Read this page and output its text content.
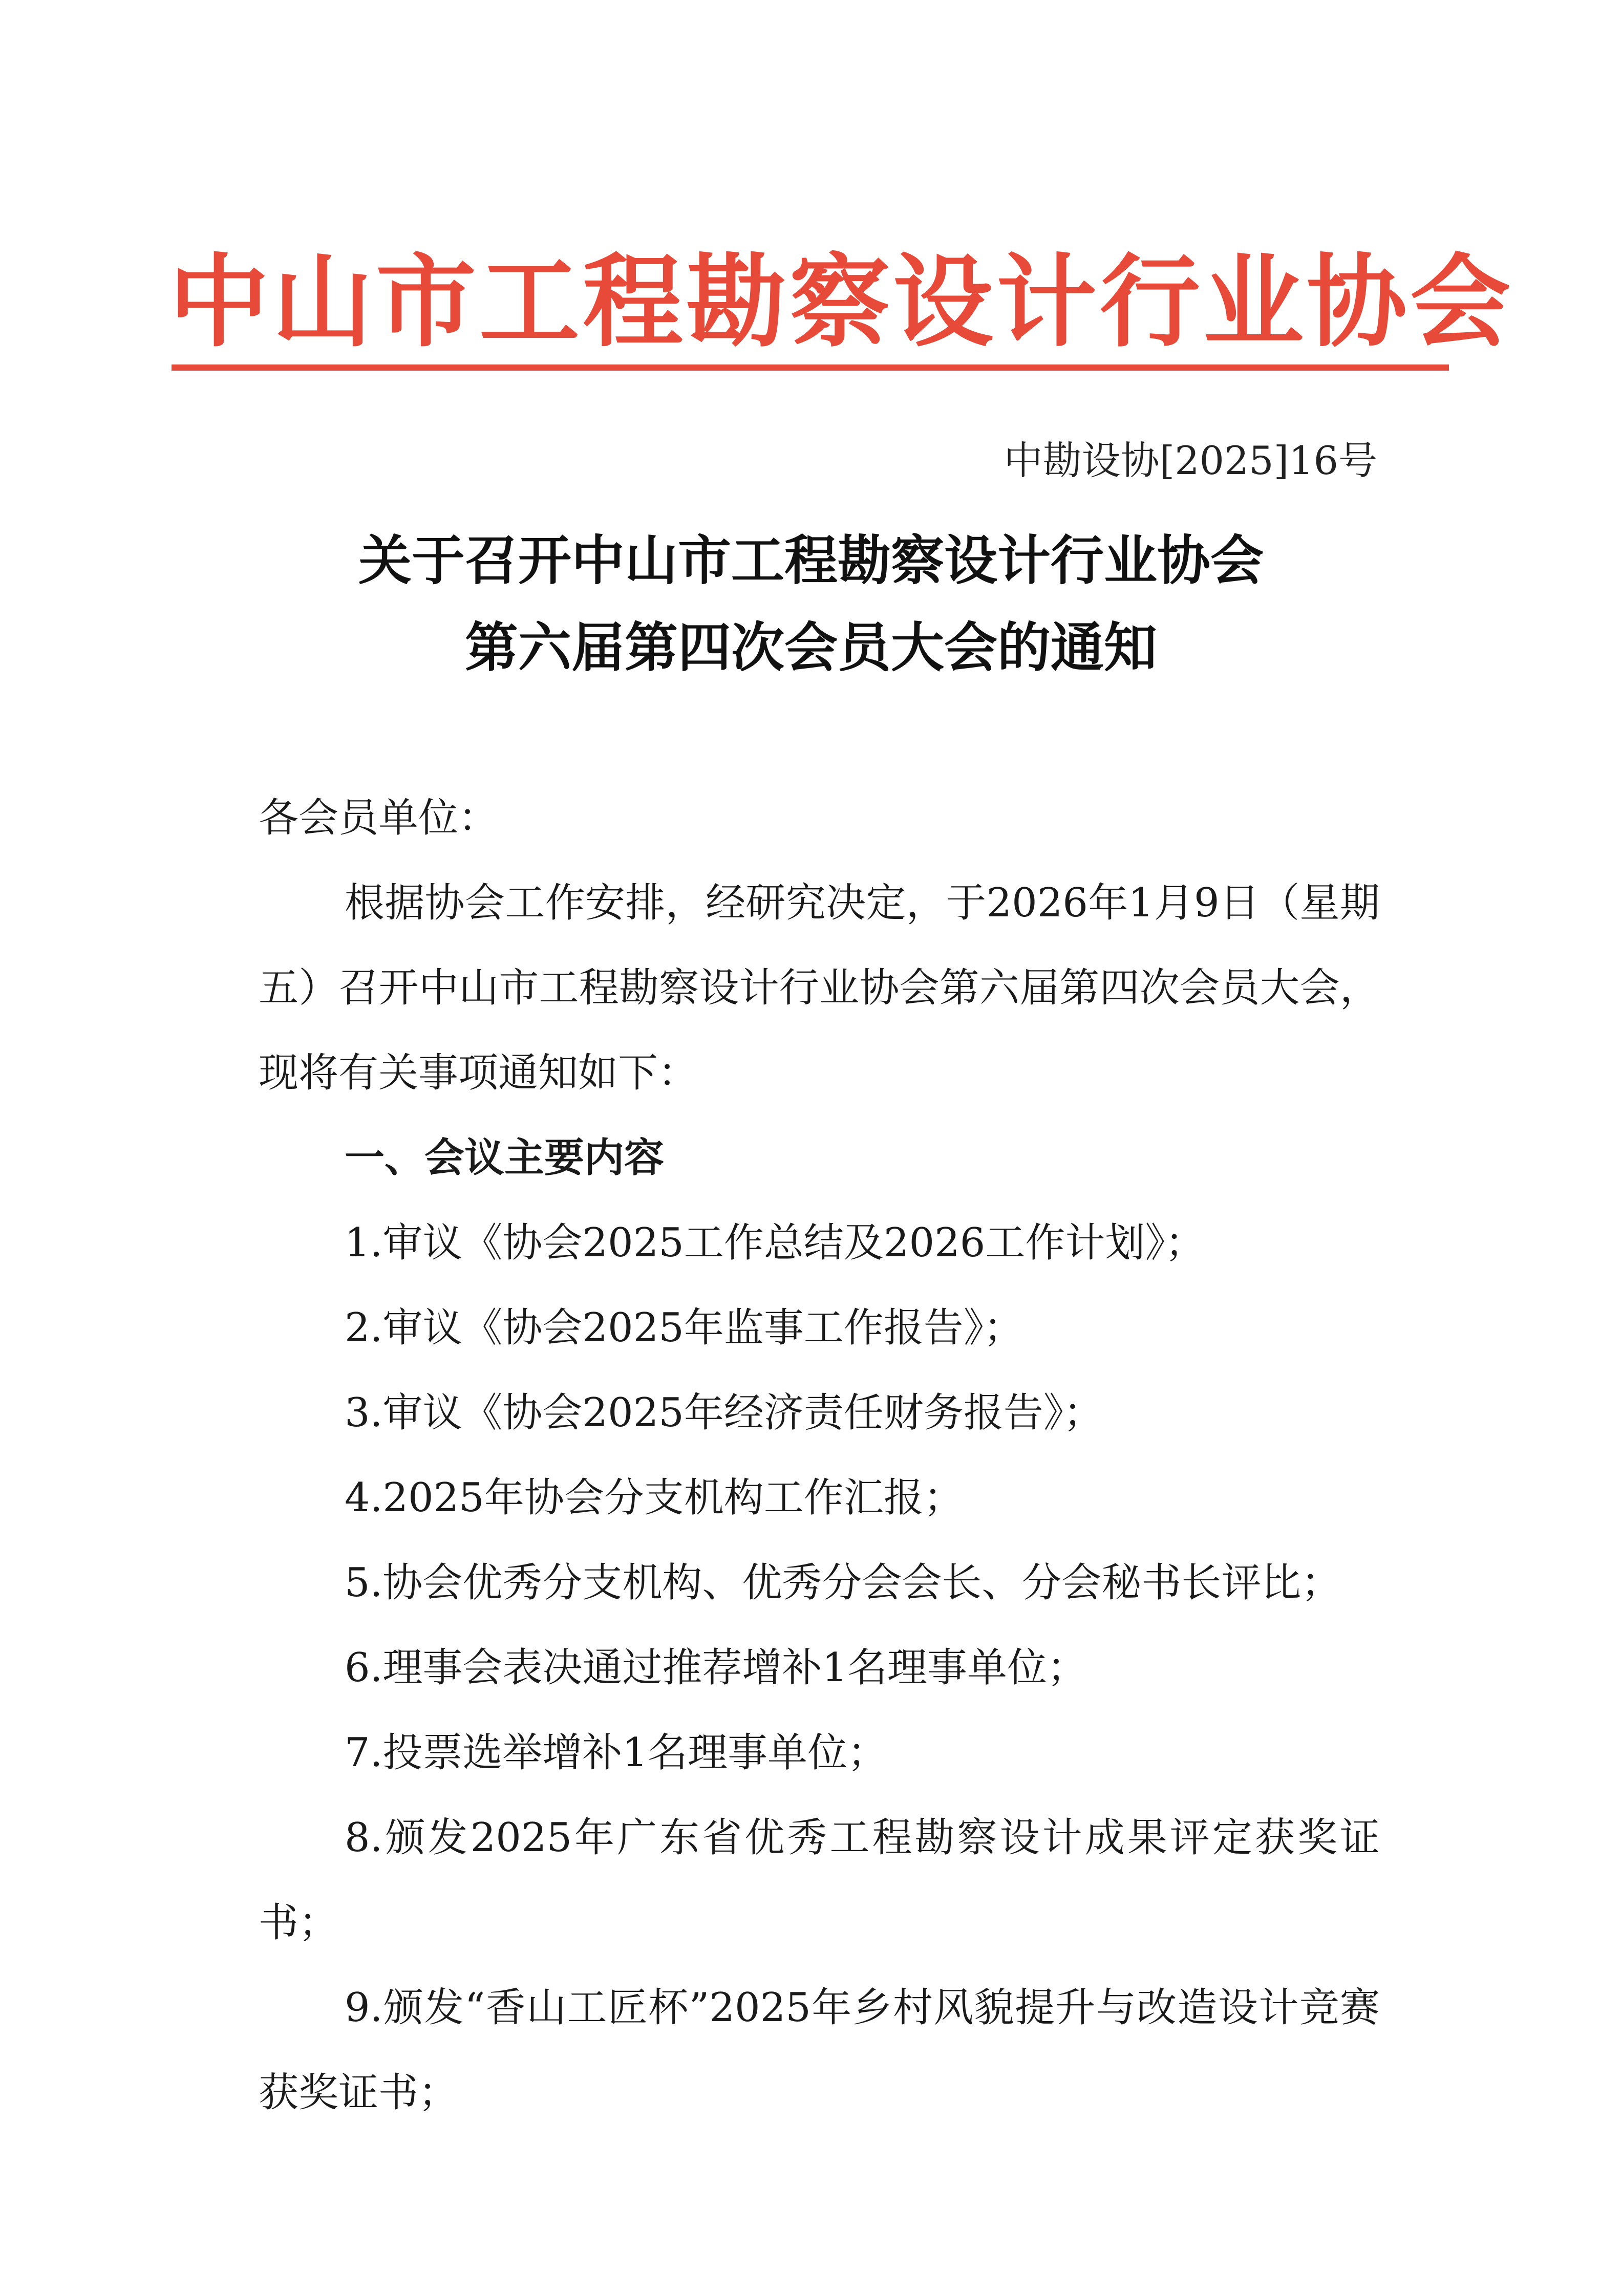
中山市工程勘察设计行业协会
中勘设协[2025]16号
关于召开中山市工程勘察设计行业协会
第六届第四次会员大会的通知

各会员单位：

根据协会工作安排，经研究决定，于2026年1月9日（星期五）召开中山市工程勘察设计行业协会第六届第四次会员大会，现将有关事项通知如下：

一、会议主要内容

1.审议《协会2025工作总结及2026工作计划》；

2.审议《协会2025年监事工作报告》；

3.审议《协会2025年经济责任财务报告》；

4.2025年协会分支机构工作汇报；

5.协会优秀分支机构、优秀分会会长、分会秘书长评比；

6.理事会表决通过推荐增补1名理事单位；

7.投票选举增补1名理事单位；

8.颁发2025年广东省优秀工程勘察设计成果评定获奖证书；

9.颁发“香山工匠杯”2025年乡村风貌提升与改造设计竞赛获奖证书；
